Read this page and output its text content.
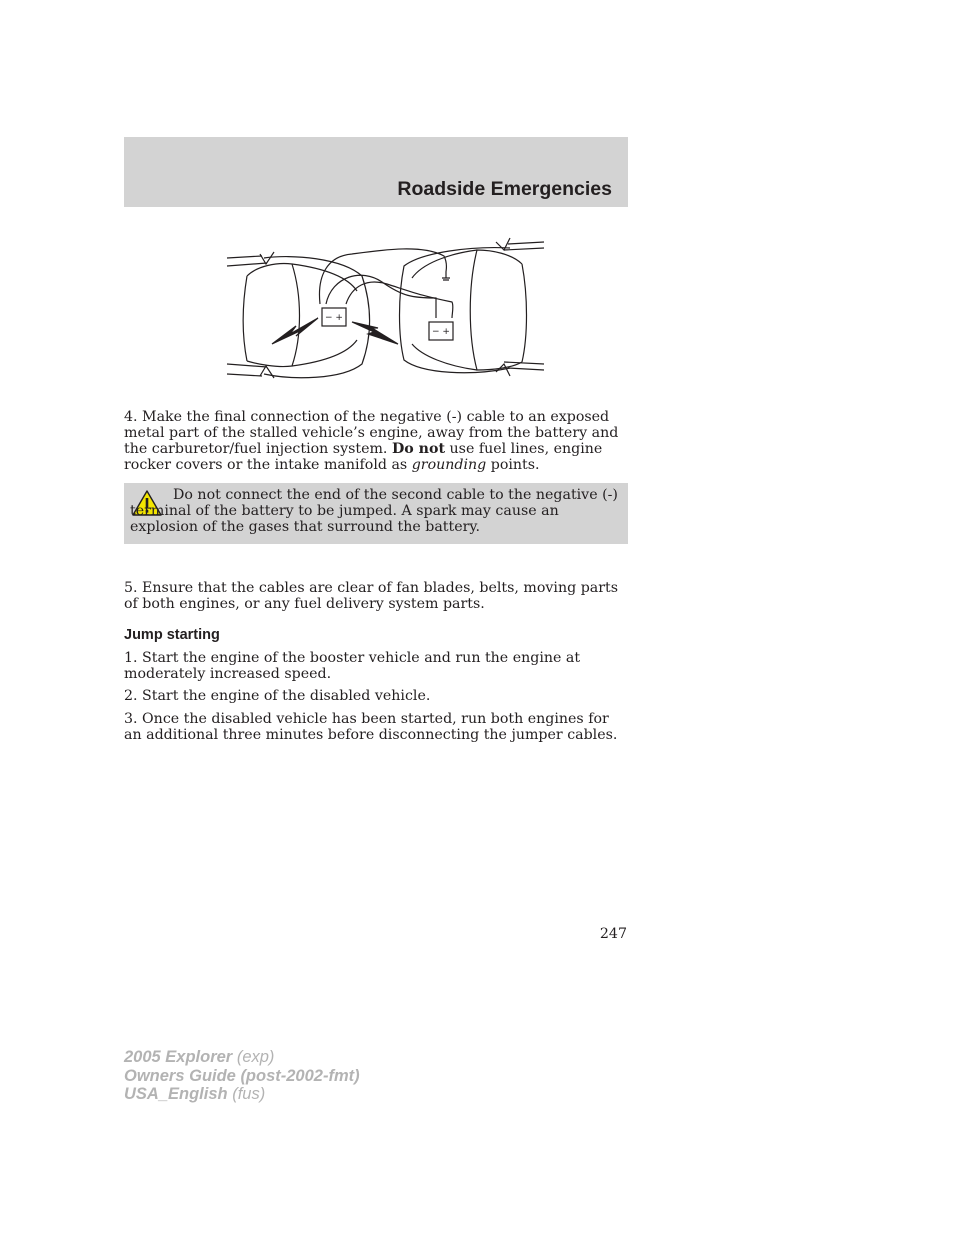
Roadside Emergencies
− +
− +
4. Make the final connection of the negative (-) cable to an exposed metal part of the stalled vehicle’s engine, away from the battery and the carburetor/fuel injection system. Do not use fuel lines, engine rocker covers or the intake manifold as grounding points.
Do not connect the end of the second cable to the negative (-) terminal of the battery to be jumped. A spark may cause an explosion of the gases that surround the battery.
5. Ensure that the cables are clear of fan blades, belts, moving parts of both engines, or any fuel delivery system parts.
Jump starting
1. Start the engine of the booster vehicle and run the engine at moderately increased speed.
2. Start the engine of the disabled vehicle.
3. Once the disabled vehicle has been started, run both engines for an additional three minutes before disconnecting the jumper cables.
247
2005 Explorer (exp)
Owners Guide (post-2002-fmt)
USA_English (fus)
